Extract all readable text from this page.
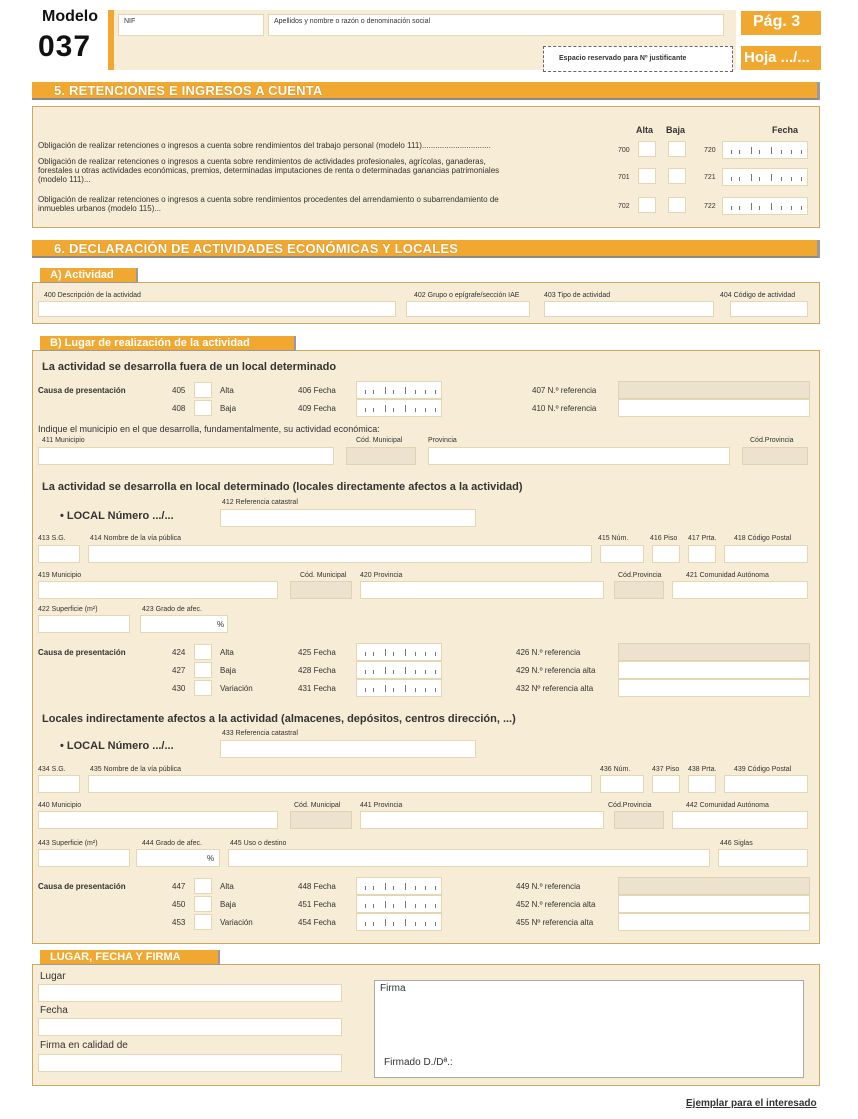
Modelo
037
NIF	Apellidos y nombre o razón o denominación social
Espacio reservado para Nº justificante
Pág. 3
Hoja .../...
5. RETENCIONES E INGRESOS A CUENTA
Alta Baja	Fecha
Obligación de realizar retenciones o ingresos a cuenta sobre rendimientos del trabajo personal (modelo 111)...............................
700	720
Obligación de realizar retenciones o ingresos a cuenta sobre rendimientos de actividades profesionales, agrícolas, ganaderas,
forestales u otras actividades económicas, premios, determinadas imputaciones de renta o determinadas ganancias patrimoniales
(modelo 111)...	701	721
Obligación de realizar retenciones o ingresos a cuenta sobre rendimientos procedentes del arrendamiento o subarrendamiento de
inmuebles urbanos (modelo 115)...	702	722
6. DECLARACIÓN DE ACTIVIDADES ECONÓMICAS Y LOCALES
A) Actividad
400 Descripción de la actividad	402 Grupo o epígrafe/sección IAE	403 Tipo de actividad	404 Código de actividad
B) Lugar de realización de la actividad
La actividad se desarrolla fuera de un local determinado
Causa de presentación	405	Alta	406 Fecha	407 N.º referencia
408	Baja	409 Fecha	410 N.º referencia
Indique el municipio en el que desarrolla, fundamentalmente, su actividad económica:
411 Municipio	Cód. Municipal	Provincia	Cód.Provincia
La actividad se desarrolla en local determinado (locales directamente afectos a la actividad)
• LOCAL Número .../...
412 Referencia catastral
413 S.G.	414 Nombre de la vía pública	415 Núm.	416 Piso 417 Prta.	418 Código Postal
419 Municipio	Cód. Municipal 420 Provincia	Cód.Provincia	421 Comunidad Autónoma
422 Superficie (m²)	423 Grado de afec.
%
Causa de presentación	424	Alta	425 Fecha	426 N.º referencia
427	Baja	428 Fecha	429 N.º referencia alta
430	Variación	431 Fecha	432 Nº referencia alta
Locales indirectamente afectos a la actividad (almacenes, depósitos, centros dirección, ...)
• LOCAL Número .../...
433 Referencia catastral
434 S.G.	435 Nombre de la vía pública	436 Núm.	437 Piso 438 Prta.	439 Código Postal
440 Municipio	Cód. Municipal	441 Provincia	Cód.Provincia	442 Comunidad Autónoma
443 Superficie (m²)	444 Grado de afec.
%
445 Uso o destino	446 Siglas
Causa de presentación	447	Alta	448 Fecha	449 N.º referencia
450	Baja	451 Fecha	452 N.º referencia alta
453	Variación	454 Fecha	455 Nº referencia alta
LUGAR, FECHA Y FIRMA
Lugar
Fecha
Firma en calidad de
Firma
Firmado D./Dª.:
Ejemplar para el interesado
